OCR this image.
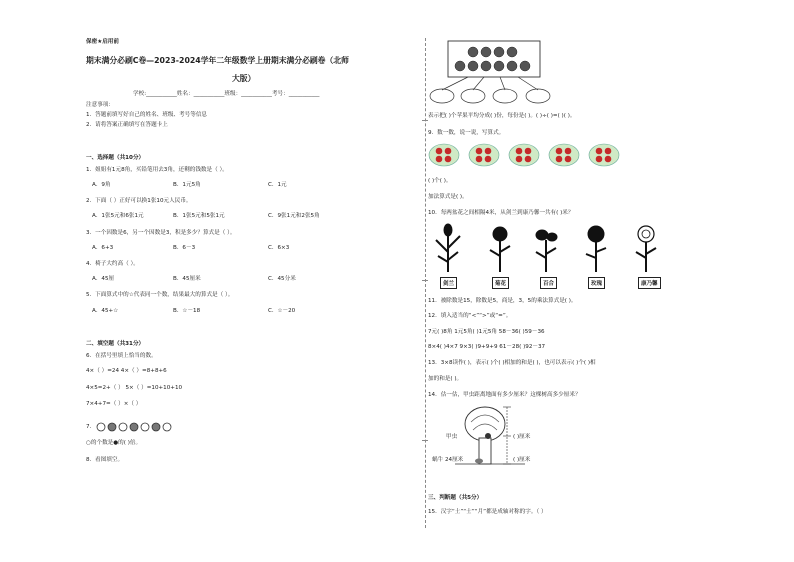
保密★启用前
期末满分必刷C卷—2023-2024学年二年级数学上册期末满分必刷卷（北师
大版）
学校:___________姓名：___________班级：___________考号：___________
注意事项：
1．答题前填写好自己的姓名、班级、考号等信息
2．请将答案正确填写在答题卡上
一、选择题（共10分）
1．姐姐有1元8角，买铅笔用去3角，还剩的钱数是（ ）。
A．9角	B．1元5角	C．1元
2．下面（ ）正好可以换1张10元人民币。
A．1张5元和6张1元	B．1张5元和5张1元	C．9张1元和2张5角
3．一个因数是6，另一个因数是3，积是多少？算式是（ ）。
A．6+3	B．6－3	C．6×3
4．椅子大约高（ ）。
A．45厘	B．45厘米	C．45分米
5．下面算式中的☆代表同一个数，结果最大的算式是（ ）。
A．45+☆	B．☆－18	C．☆－20
二、填空题（共31分）
6．在括号里填上恰当的数。
4×（ ）=24 4×（ ）=8+8+6
4×5=2+（ ） 5×（ ）=10+10+10
7×4+7=（ ）×（ ）
7．
○的个数是●的( )倍。
8．看图填空。
表示把( )个苹果平均分成( )份，每份是( )。( )÷( )=( )( )。
9．数一数，说一说，写算式。
( )个( )。
加法算式是( )。
10．每两盆花之间相隔4米，从剑兰到康乃馨一共有( )米？
剑兰	菊花	百合	玫瑰	康乃馨
11．被除数是15，除数是5，商是，3，5的乘法算式是( )。
12．填入适当的“<”“>”或“=”。
7元( )8角 1元5角( )1元5角 58－36( )59－36
8×4( )4×7 9×3( )9+9+9 61－28( )92－37
13．3×8读作( )，表示( )个( )相加的和是( )，也可以表示( )个( )相
加的和是( )。
14．估一估，甲虫距离地面有多少厘米？这棵树高多少厘米？
甲虫
蜗牛 24厘米
( )厘米
( )厘米
三、判断题（共5分）
15．汉字“土”“士”“月”都是成轴对称的字。（ ）
